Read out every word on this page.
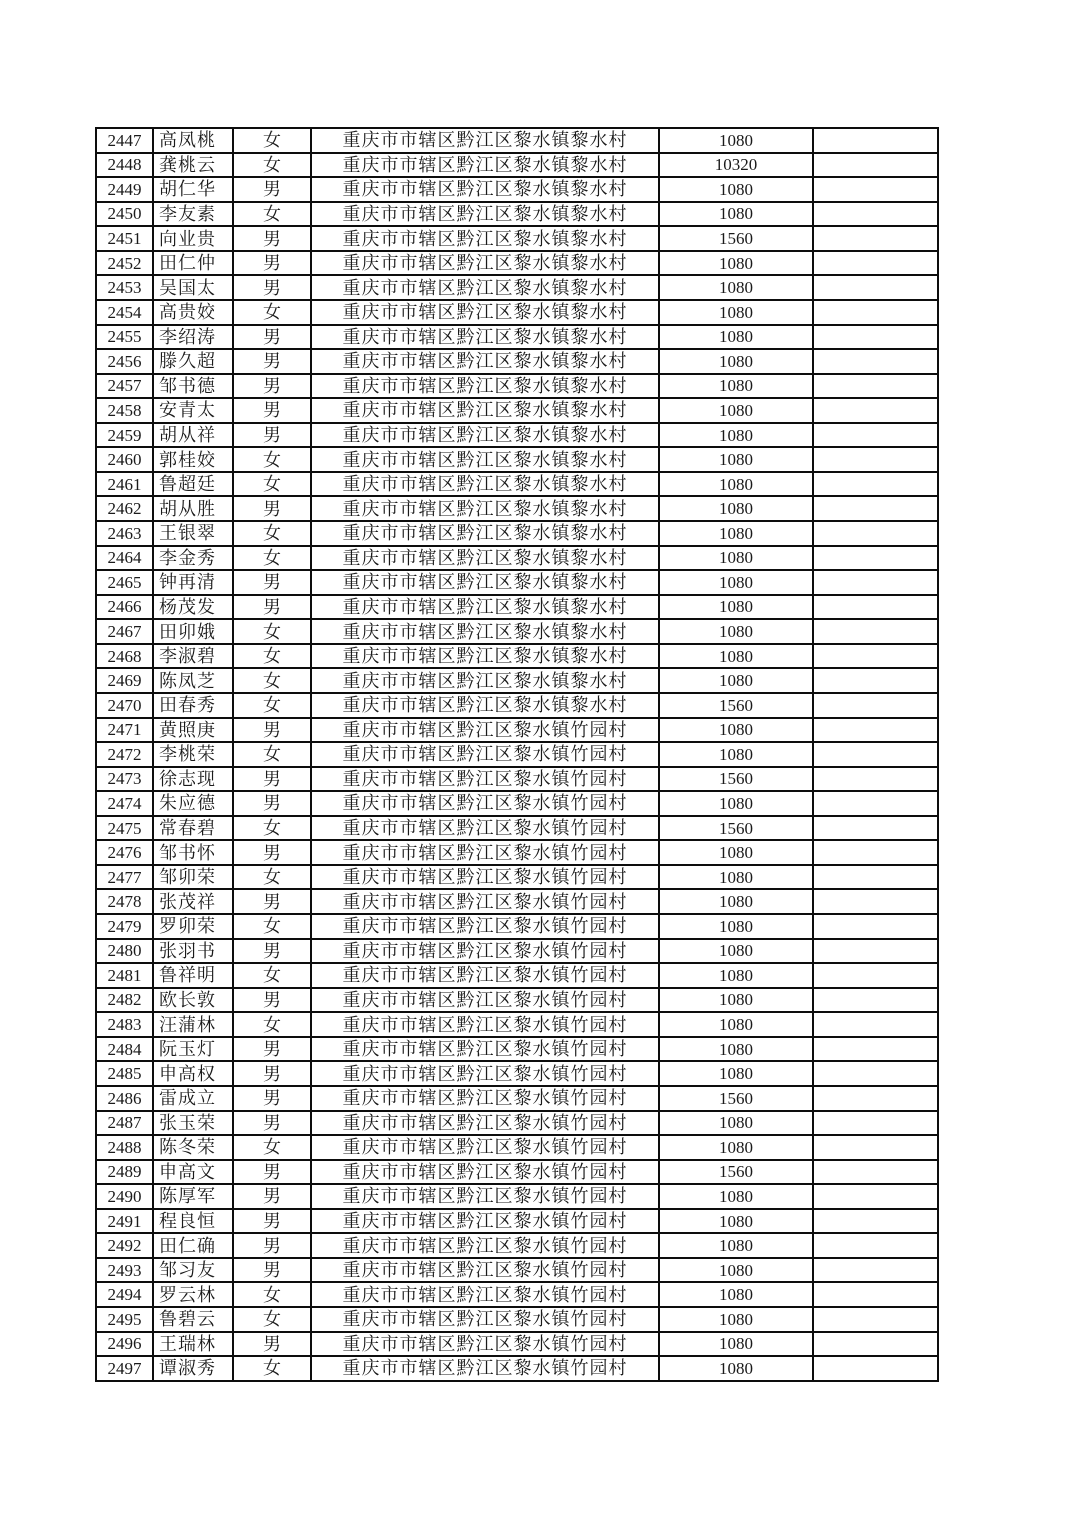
2447	高凤桃	女	重庆市市辖区黔江区黎水镇黎水村	1080	
2448	龚桃云	女	重庆市市辖区黔江区黎水镇黎水村	10320	
2449	胡仁华	男	重庆市市辖区黔江区黎水镇黎水村	1080	
2450	李友素	女	重庆市市辖区黔江区黎水镇黎水村	1080	
2451	向业贵	男	重庆市市辖区黔江区黎水镇黎水村	1560	
2452	田仁仲	男	重庆市市辖区黔江区黎水镇黎水村	1080	
2453	吴国太	男	重庆市市辖区黔江区黎水镇黎水村	1080	
2454	高贵姣	女	重庆市市辖区黔江区黎水镇黎水村	1080	
2455	李绍涛	男	重庆市市辖区黔江区黎水镇黎水村	1080	
2456	滕久超	男	重庆市市辖区黔江区黎水镇黎水村	1080	
2457	邹书德	男	重庆市市辖区黔江区黎水镇黎水村	1080	
2458	安青太	男	重庆市市辖区黔江区黎水镇黎水村	1080	
2459	胡从祥	男	重庆市市辖区黔江区黎水镇黎水村	1080	
2460	郭桂姣	女	重庆市市辖区黔江区黎水镇黎水村	1080	
2461	鲁超廷	女	重庆市市辖区黔江区黎水镇黎水村	1080	
2462	胡从胜	男	重庆市市辖区黔江区黎水镇黎水村	1080	
2463	王银翠	女	重庆市市辖区黔江区黎水镇黎水村	1080	
2464	李金秀	女	重庆市市辖区黔江区黎水镇黎水村	1080	
2465	钟再清	男	重庆市市辖区黔江区黎水镇黎水村	1080	
2466	杨茂发	男	重庆市市辖区黔江区黎水镇黎水村	1080	
2467	田卯娥	女	重庆市市辖区黔江区黎水镇黎水村	1080	
2468	李淑碧	女	重庆市市辖区黔江区黎水镇黎水村	1080	
2469	陈凤芝	女	重庆市市辖区黔江区黎水镇黎水村	1080	
2470	田春秀	女	重庆市市辖区黔江区黎水镇黎水村	1560	
2471	黄照庚	男	重庆市市辖区黔江区黎水镇竹园村	1080	
2472	李桃荣	女	重庆市市辖区黔江区黎水镇竹园村	1080	
2473	徐志现	男	重庆市市辖区黔江区黎水镇竹园村	1560	
2474	朱应德	男	重庆市市辖区黔江区黎水镇竹园村	1080	
2475	常春碧	女	重庆市市辖区黔江区黎水镇竹园村	1560	
2476	邹书怀	男	重庆市市辖区黔江区黎水镇竹园村	1080	
2477	邹卯荣	女	重庆市市辖区黔江区黎水镇竹园村	1080	
2478	张茂祥	男	重庆市市辖区黔江区黎水镇竹园村	1080	
2479	罗卯荣	女	重庆市市辖区黔江区黎水镇竹园村	1080	
2480	张羽书	男	重庆市市辖区黔江区黎水镇竹园村	1080	
2481	鲁祥明	女	重庆市市辖区黔江区黎水镇竹园村	1080	
2482	欧长敦	男	重庆市市辖区黔江区黎水镇竹园村	1080	
2483	汪蒲林	女	重庆市市辖区黔江区黎水镇竹园村	1080	
2484	阮玉灯	男	重庆市市辖区黔江区黎水镇竹园村	1080	
2485	申高权	男	重庆市市辖区黔江区黎水镇竹园村	1080	
2486	雷成立	男	重庆市市辖区黔江区黎水镇竹园村	1560	
2487	张玉荣	男	重庆市市辖区黔江区黎水镇竹园村	1080	
2488	陈冬荣	女	重庆市市辖区黔江区黎水镇竹园村	1080	
2489	申高文	男	重庆市市辖区黔江区黎水镇竹园村	1560	
2490	陈厚军	男	重庆市市辖区黔江区黎水镇竹园村	1080	
2491	程良恒	男	重庆市市辖区黔江区黎水镇竹园村	1080	
2492	田仁确	男	重庆市市辖区黔江区黎水镇竹园村	1080	
2493	邹习友	男	重庆市市辖区黔江区黎水镇竹园村	1080	
2494	罗云林	女	重庆市市辖区黔江区黎水镇竹园村	1080	
2495	鲁碧云	女	重庆市市辖区黔江区黎水镇竹园村	1080	
2496	王瑞林	男	重庆市市辖区黔江区黎水镇竹园村	1080	
2497	谭淑秀	女	重庆市市辖区黔江区黎水镇竹园村	1080	
